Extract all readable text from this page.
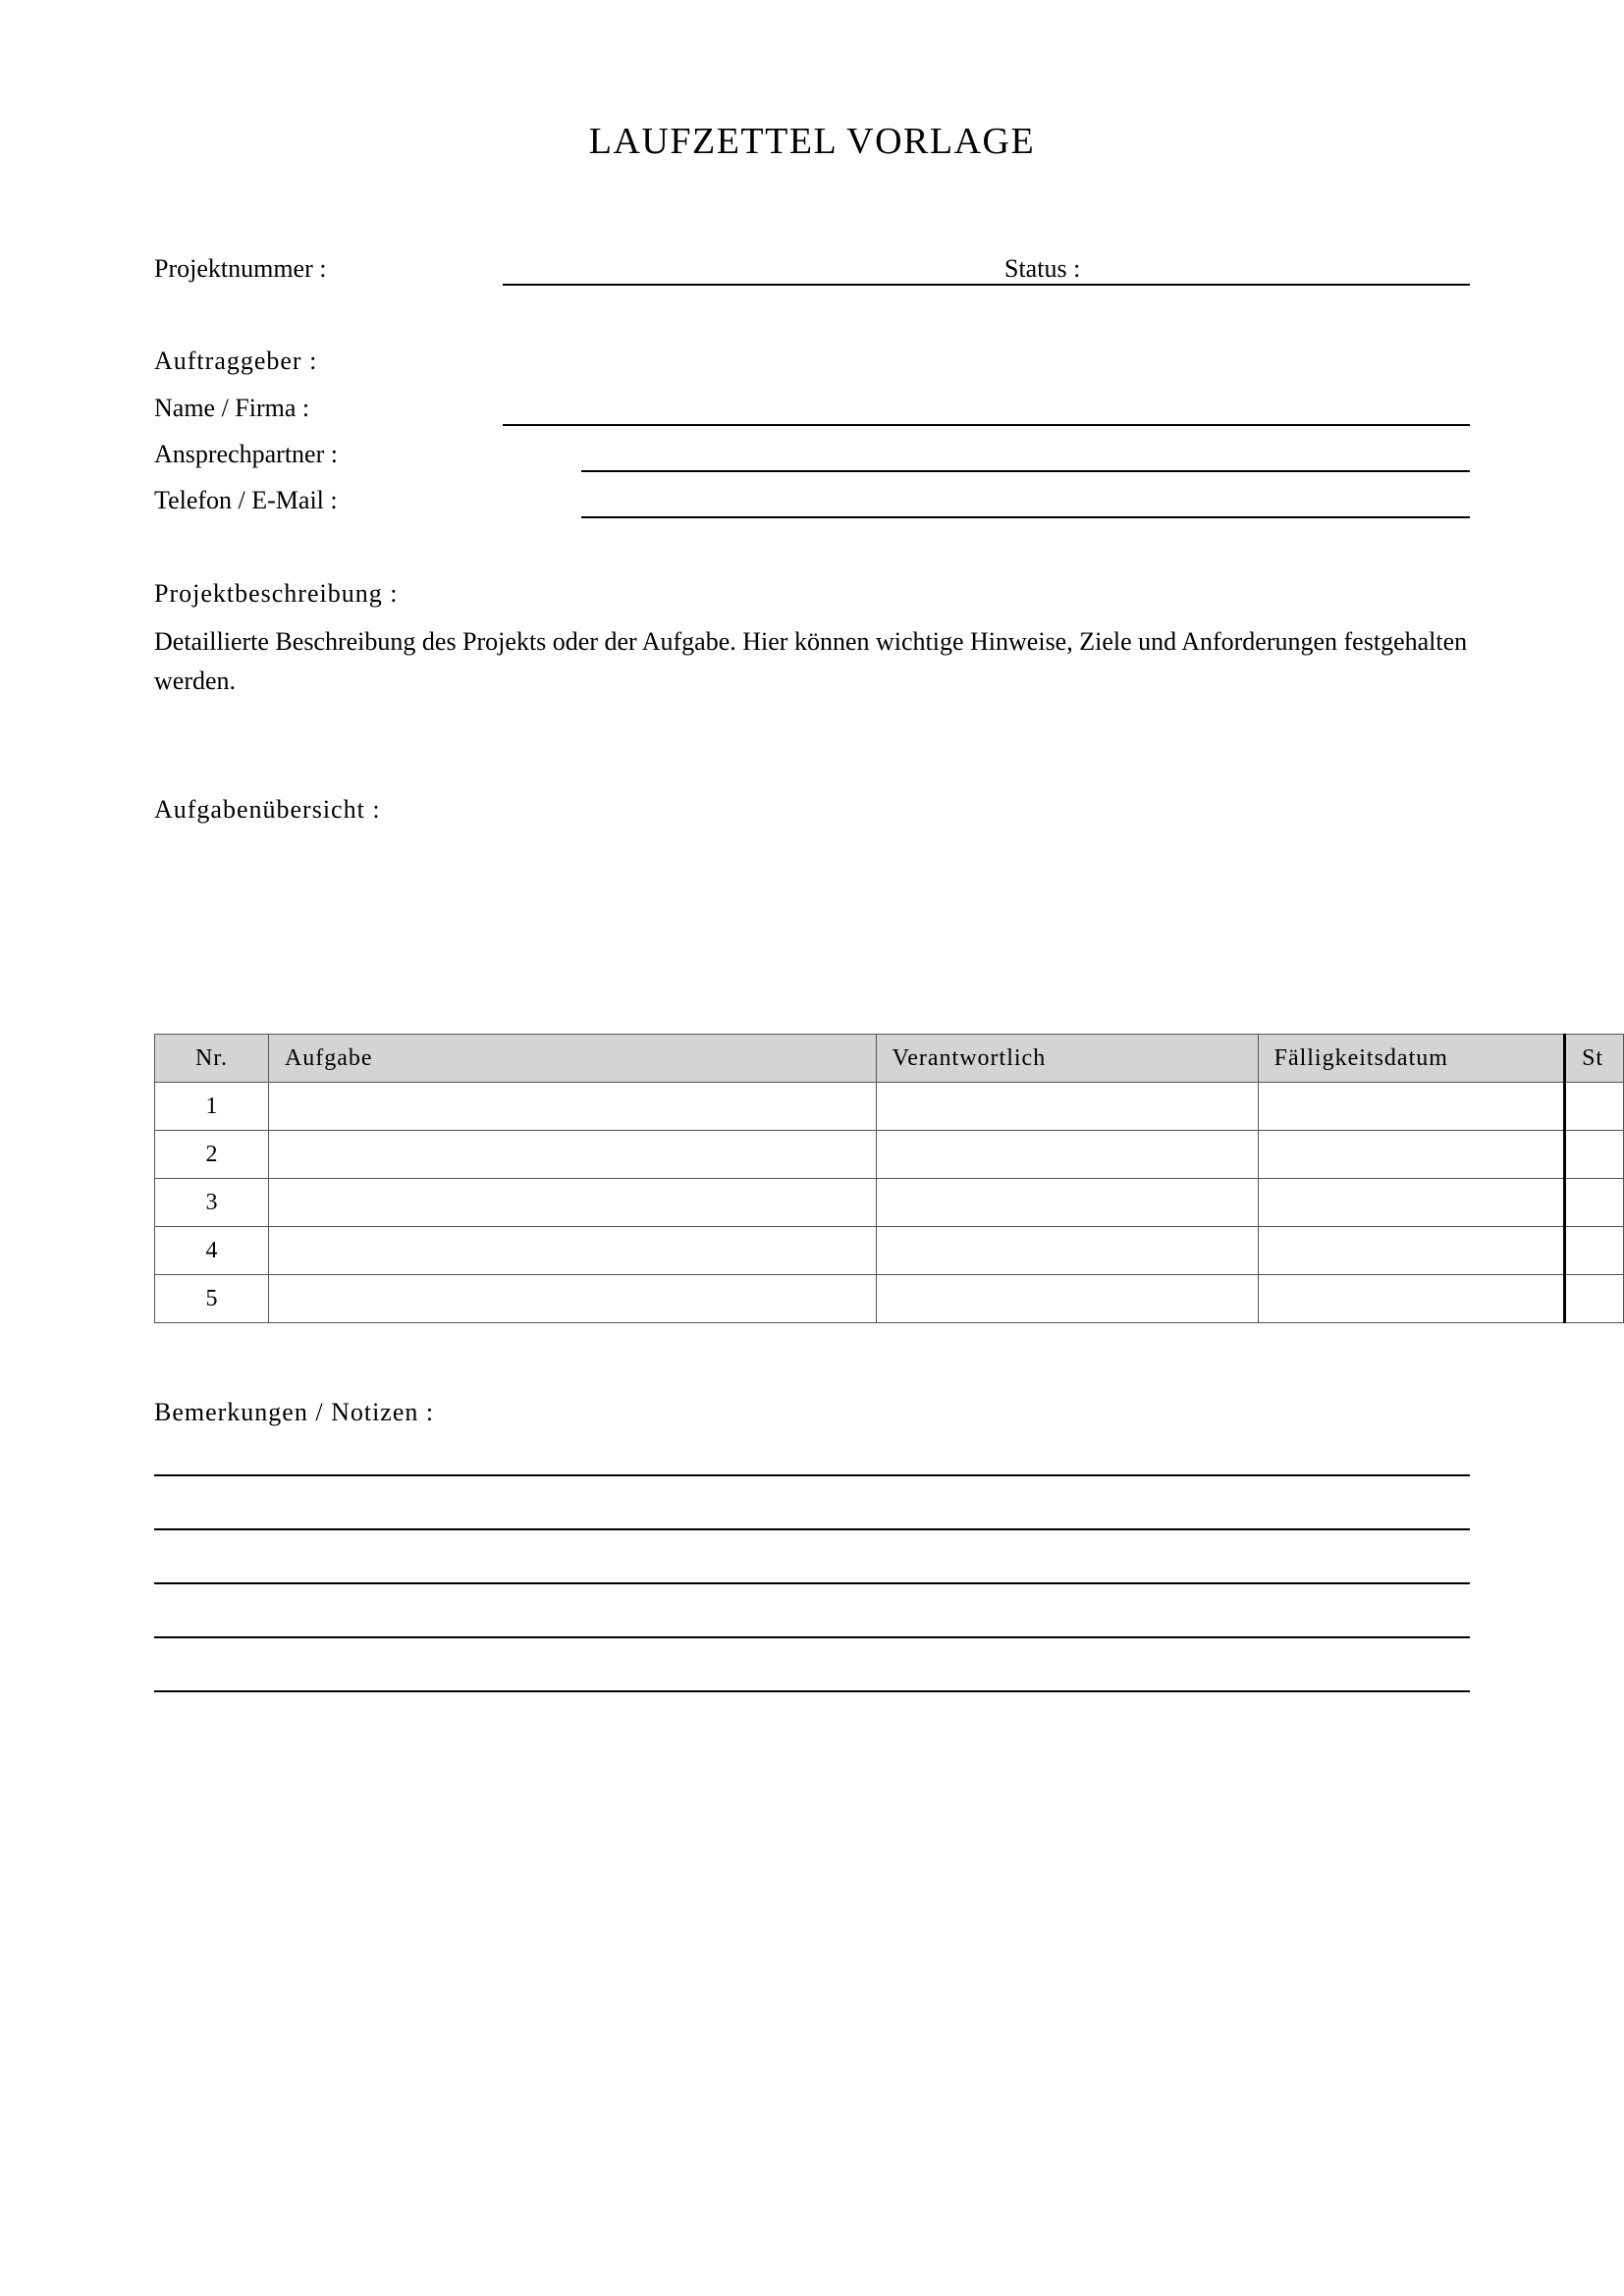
LAUFZETTEL VORLAGE
Projektnummer :	Status :
Auftraggeber :
Name / Firma :
Ansprechpartner :
Telefon / E-Mail :
Projektbeschreibung :
Detaillierte Beschreibung des Projekts oder der Aufgabe. Hier können wichtige Hinweise, Ziele und Anforderungen festgehalten werden.
Aufgabenübersicht :
Nr.	Aufgabe	Verantwortlich	Fälligkeitsdatum	St
1				
2				
3				
4				
5				
Bemerkungen / Notizen :
